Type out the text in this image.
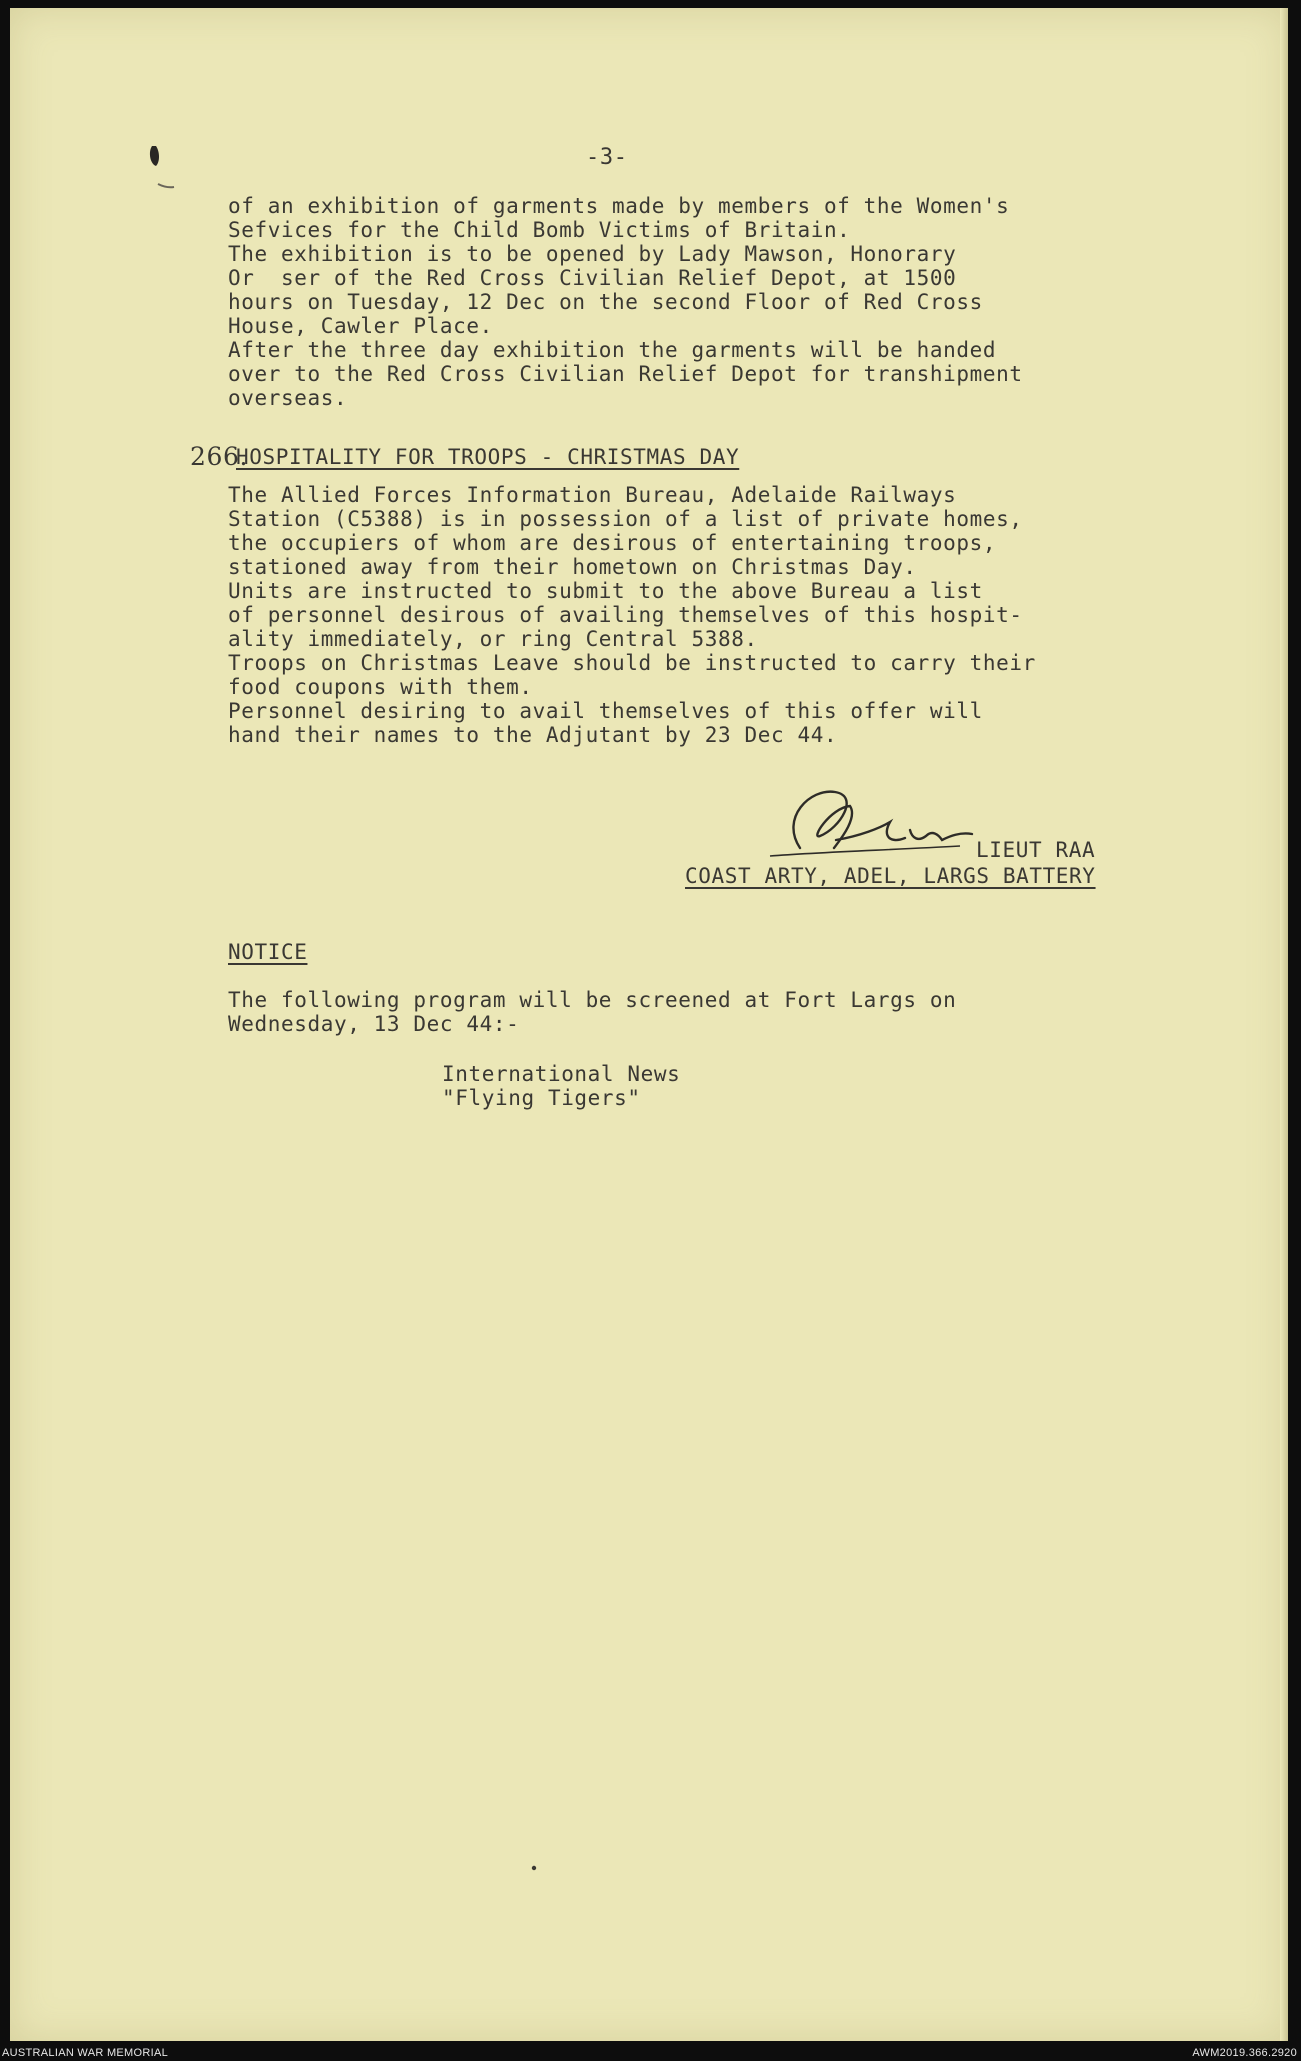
-3-
of an exhibition of garments made by members of the Women's
Sefvices for the Child Bomb Victims of Britain.
The exhibition is to be opened by Lady Mawson, Honorary
Or  ser of the Red Cross Civilian Relief Depot, at 1500
hours on Tuesday, 12 Dec on the second Floor of Red Cross
House, Cawler Place.
After the three day exhibition the garments will be handed
over to the Red Cross Civilian Relief Depot for transhipment
overseas.
266.
HOSPITALITY FOR TROOPS - CHRISTMAS DAY
The Allied Forces Information Bureau, Adelaide Railways
Station (C5388) is in possession of a list of private homes,
the occupiers of whom are desirous of entertaining troops,
stationed away from their hometown on Christmas Day.
Units are instructed to submit to the above Bureau a list
of personnel desirous of availing themselves of this hospit-
ality immediately, or ring Central 5388.
Troops on Christmas Leave should be instructed to carry their
food coupons with them.
Personnel desiring to avail themselves of this offer will
hand their names to the Adjutant by 23 Dec 44.
LIEUT RAA
COAST ARTY, ADEL, LARGS BATTERY
NOTICE
The following program will be screened at Fort Largs on
Wednesday, 13 Dec 44:-
International News
"Flying Tigers"
AUSTRALIAN WAR MEMORIAL	AWM2019.366.2920
